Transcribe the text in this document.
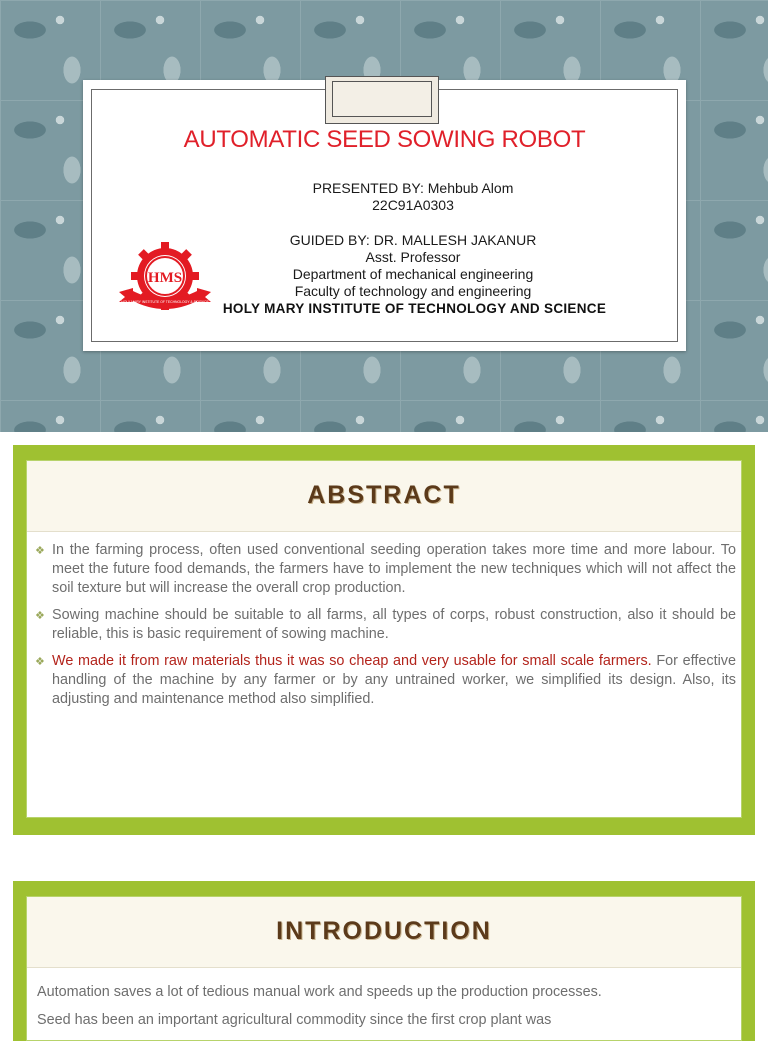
AUTOMATIC SEED SOWING ROBOT
PRESENTED BY: Mehbub Alom
22C91A0303
GUIDED BY: DR. MALLESH JAKANUR
Asst. Professor
Department of mechanical engineering
Faculty of technology and engineering
HOLY MARY INSTITUTE OF TECHNOLOGY AND SCIENCE
HMS
HOLY MARY INSTITUTE OF TECHNOLOGY & SCIENCE
ABSTRACT
❖ In the farming process, often used conventional seeding operation takes more time and more labour. To meet the future food demands, the farmers have to implement the new techniques which will not affect the soil texture but will increase the overall crop production.
❖ Sowing machine should be suitable to all farms, all types of corps, robust construction, also it should be reliable, this is basic requirement of sowing machine.
❖ We made it from raw materials thus it was so cheap and very usable for small scale farmers. For effective handling of the machine by any farmer or by any untrained worker, we simplified its design. Also, its adjusting and maintenance method also simplified.
INTRODUCTION
Automation saves a lot of tedious manual work and speeds up the production processes.
Seed has been an important agricultural commodity since the first crop plant was
